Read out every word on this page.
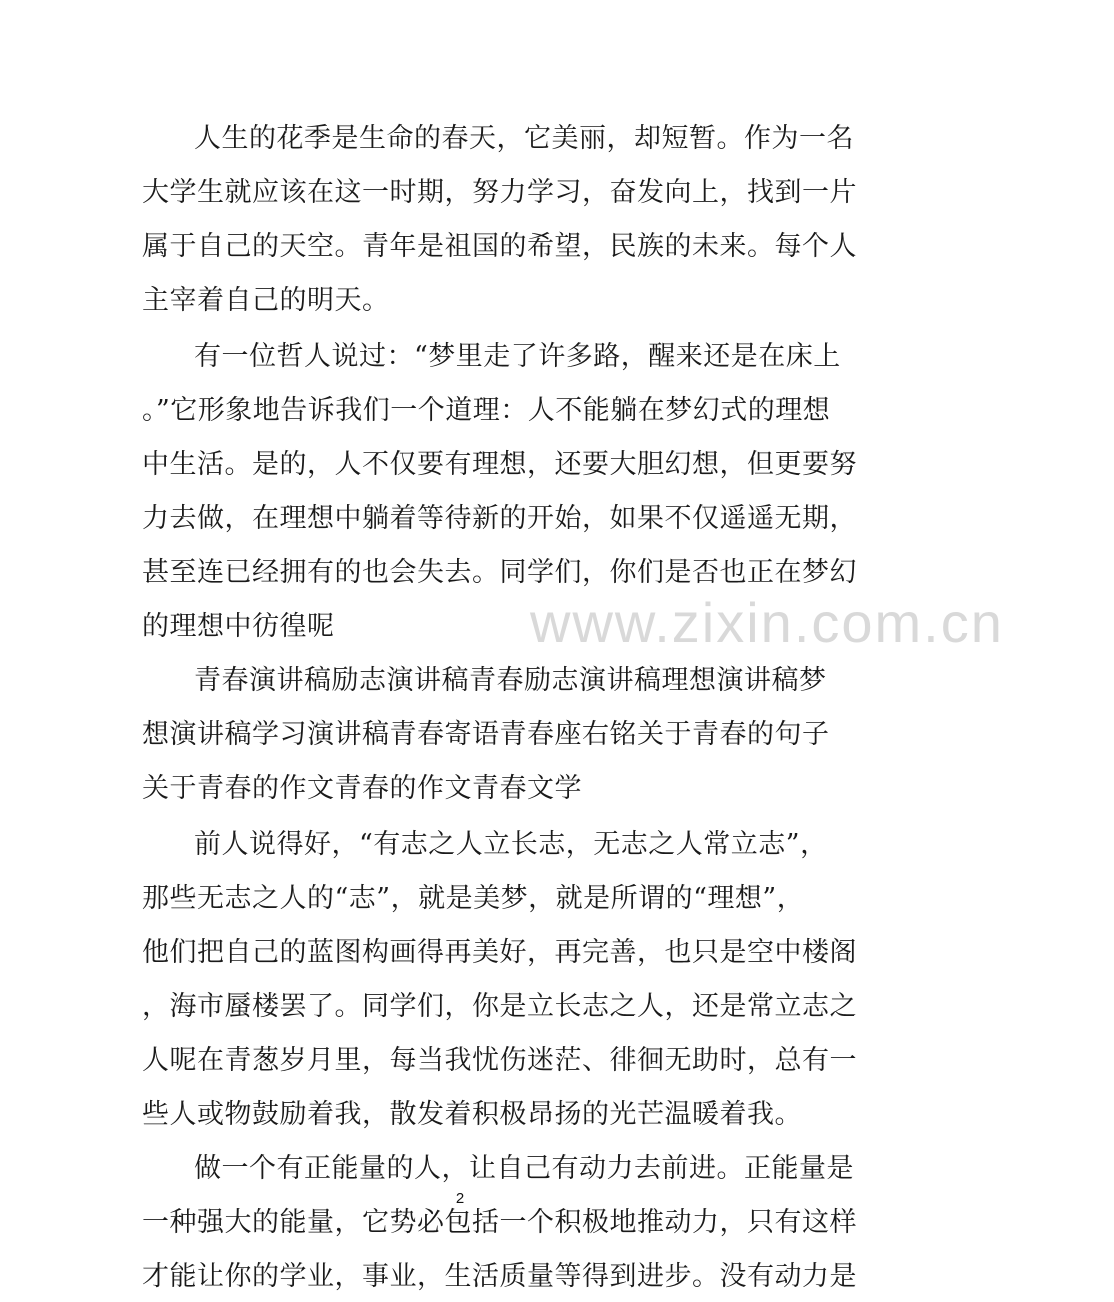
www.zixin.com.cn
人生的花季是生命的春天，它美丽，却短暂。作为一名
大学生就应该在这一时期，努力学习，奋发向上，找到一片
属于自己的天空。青年是祖国的希望，民族的未来。每个人
主宰着自己的明天。
有一位哲人说过：“梦里走了许多路，醒来还是在床上
。”它形象地告诉我们一个道理：人不能躺在梦幻式的理想
中生活。是的，人不仅要有理想，还要大胆幻想，但更要努
力去做，在理想中躺着等待新的开始，如果不仅遥遥无期，
甚至连已经拥有的也会失去。同学们，你们是否也正在梦幻
的理想中彷徨呢
青春演讲稿励志演讲稿青春励志演讲稿理想演讲稿梦
想演讲稿学习演讲稿青春寄语青春座右铭关于青春的句子
关于青春的作文青春的作文青春文学
前人说得好，“有志之人立长志，无志之人常立志”，
那些无志之人的“志”，就是美梦，就是所谓的“理想”，
他们把自己的蓝图构画得再美好，再完善，也只是空中楼阁
，海市蜃楼罢了。同学们，你是立长志之人，还是常立志之
人呢在青葱岁月里，每当我忧伤迷茫、徘徊无助时，总有一
些人或物鼓励着我，散发着积极昂扬的光芒温暖着我。
做一个有正能量的人，让自己有动力去前进。正能量是
一种强大的能量，它势必包括一个积极地推动力，只有这样
才能让你的学业，事业，生活质量等得到进步。没有动力是
2
